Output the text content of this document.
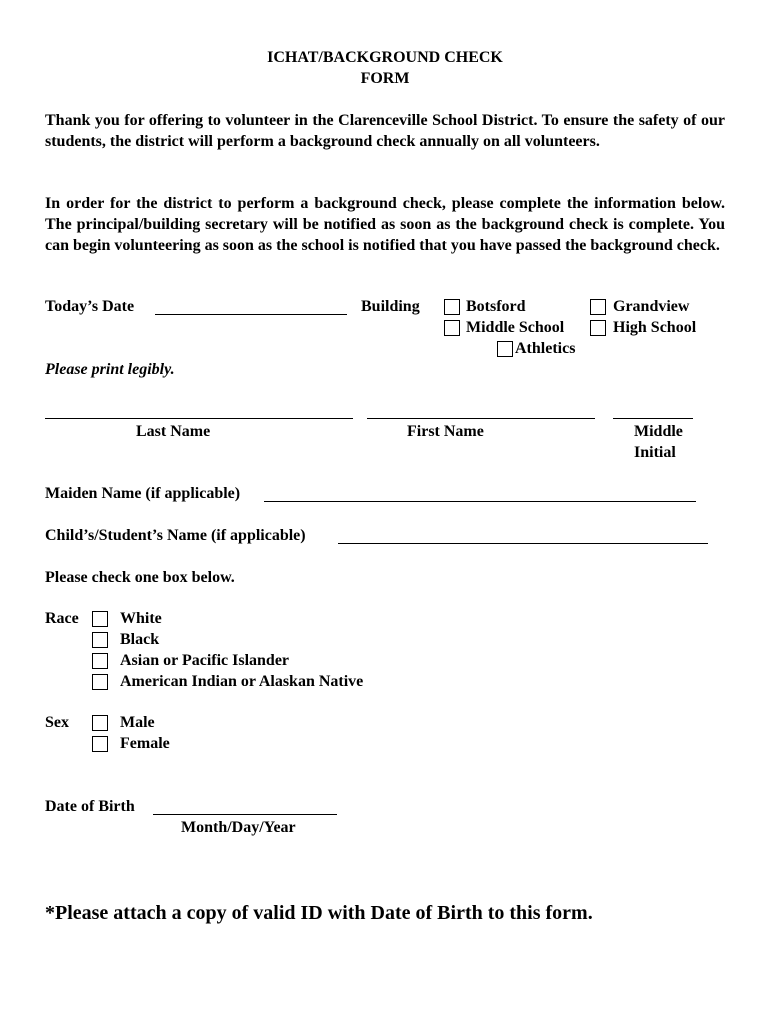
ICHAT/BACKGROUND CHECK
FORM
Thank you for offering to volunteer in the Clarenceville School District. To ensure the safety of our students, the district will perform a background check annually on all volunteers.
In order for the district to perform a background check, please complete the information below. The principal/building secretary will be notified as soon as the background check is complete. You can begin volunteering as soon as the school is notified that you have passed the background check.
Today’s Date	Building	Botsford	Grandview
Middle School	High School
Athletics
Please print legibly.
Last Name	First Name	Middle
Initial
Maiden Name (if applicable)
Child’s/Student’s Name (if applicable)
Please check one box below.
Race	White
Black
Asian or Pacific Islander
American Indian or Alaskan Native
Sex	Male
Female
Date of Birth
Month/Day/Year
*Please attach a copy of valid ID with Date of Birth to this form.
